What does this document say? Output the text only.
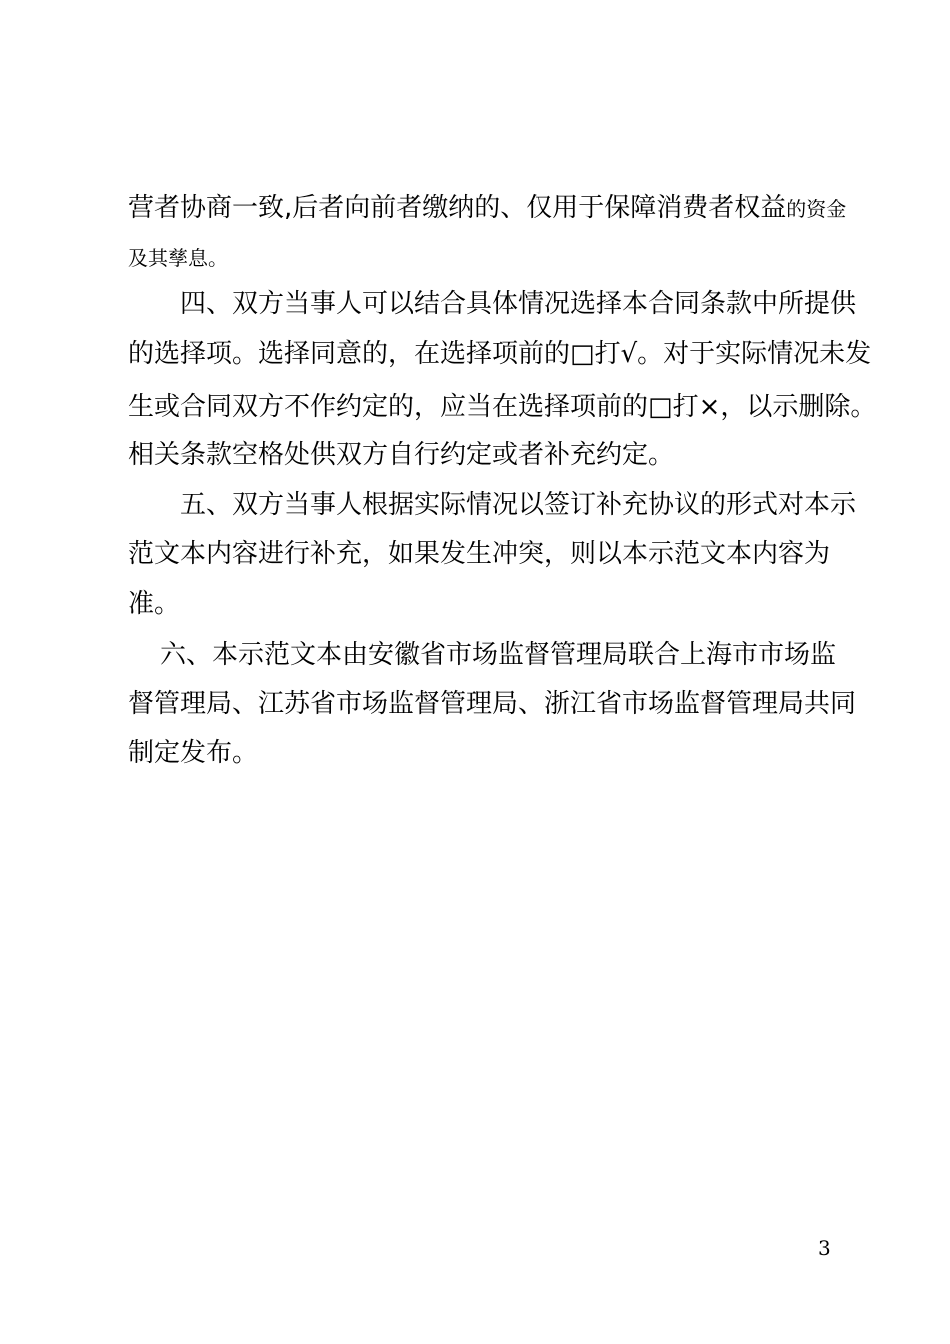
营者协商一致,后者向前者缴纳的、仅用于保障消费者权益的资金
及其孳息。
四、双方当事人可以结合具体情况选择本合同条款中所提供
的选择项。选择同意的，在选择项前的□打√。对于实际情况未发
生或合同双方不作约定的，应当在选择项前的□打×，以示删除。
相关条款空格处供双方自行约定或者补充约定。
五、双方当事人根据实际情况以签订补充协议的形式对本示
范文本内容进行补充，如果发生冲突，则以本示范文本内容为
准。
六、本示范文本由安徽省市场监督管理局联合上海市市场监
督管理局、江苏省市场监督管理局、浙江省市场监督管理局共同
制定发布。
3
